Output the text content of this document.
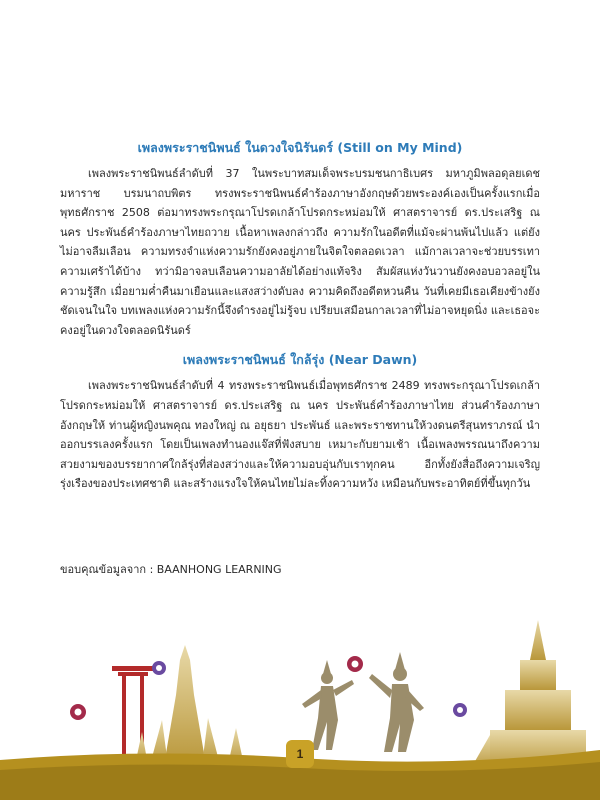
เพลงพระราชนิพนธ์ ในดวงใจนิรันดร์ (Still on My Mind)

เพลงพระราชนิพนธ์ลำดับที่ 37 ในพระบาทสมเด็จพระบรมชนกาธิเบศร มหาภูมิพลอดุลยเดชมหาราช บรมนาถบพิตร ทรงพระราชนิพนธ์คำร้องภาษาอังกฤษด้วยพระองค์เองเป็นครั้งแรกเมื่อพุทธศักราช 2508 ต่อมาทรงพระกรุณาโปรดเกล้าโปรดกระหม่อมให้ ศาสตราจารย์ ดร.ประเสริฐ ณ นคร ประพันธ์คำร้องภาษาไทยถวาย เนื้อหาเพลงกล่าวถึง ความรักในอดีตที่แม้จะผ่านพ้นไปแล้ว แต่ยังไม่อาจลืมเลือน ความทรงจำแห่งความรักยังคงอยู่ภายในจิตใจตลอดเวลา แม้กาลเวลาจะช่วยบรรเทาความเศร้าได้บ้าง ทว่ามิอาจลบเลือนความอาลัยได้อย่างแท้จริง สัมผัสแห่งวันวานยังคงอบอวลอยู่ในความรู้สึก เมื่อยามค่ำคืนมาเยือนและแสงสว่างดับลง ความคิดถึงอดีตหวนคืน วันที่เคยมีเธอเคียงข้างยังชัดเจนในใจ บทเพลงแห่งความรักนี้จึงดำรงอยู่ไม่รู้จบ เปรียบเสมือนกาลเวลาที่ไม่อาจหยุดนิ่ง และเธอจะคงอยู่ในดวงใจตลอดนิรันดร์

เพลงพระราชนิพนธ์ ใกล้รุ่ง (Near Dawn)

เพลงพระราชนิพนธ์ลำดับที่ 4 ทรงพระราชนิพนธ์เมื่อพุทธศักราช 2489 ทรงพระกรุณาโปรดเกล้าโปรดกระหม่อมให้ ศาสตราจารย์ ดร.ประเสริฐ ณ นคร ประพันธ์คำร้องภาษาไทย ส่วนคำร้องภาษาอังกฤษให้ ท่านผู้หญิงนพคุณ ทองใหญ่ ณ อยุธยา ประพันธ์ และพระราชทานให้วงดนตรีสุนทราภรณ์ นำออกบรรเลงครั้งแรก โดยเป็นเพลงทำนองแจ๊สที่ฟังสบาย เหมาะกับยามเช้า เนื้อเพลงพรรณนาถึงความสวยงามของบรรยากาศใกล้รุ่งที่ส่องสว่างและให้ความอบอุ่นกับเราทุกคน อีกทั้งยังสื่อถึงความเจริญรุ่งเรืองของประเทศชาติ และสร้างแรงใจให้คนไทยไม่ละทิ้งความหวัง เหมือนกับพระอาทิตย์ที่ขึ้นทุกวัน

ขอบคุณข้อมูลจาก : BAANHONG LEARNING
1
